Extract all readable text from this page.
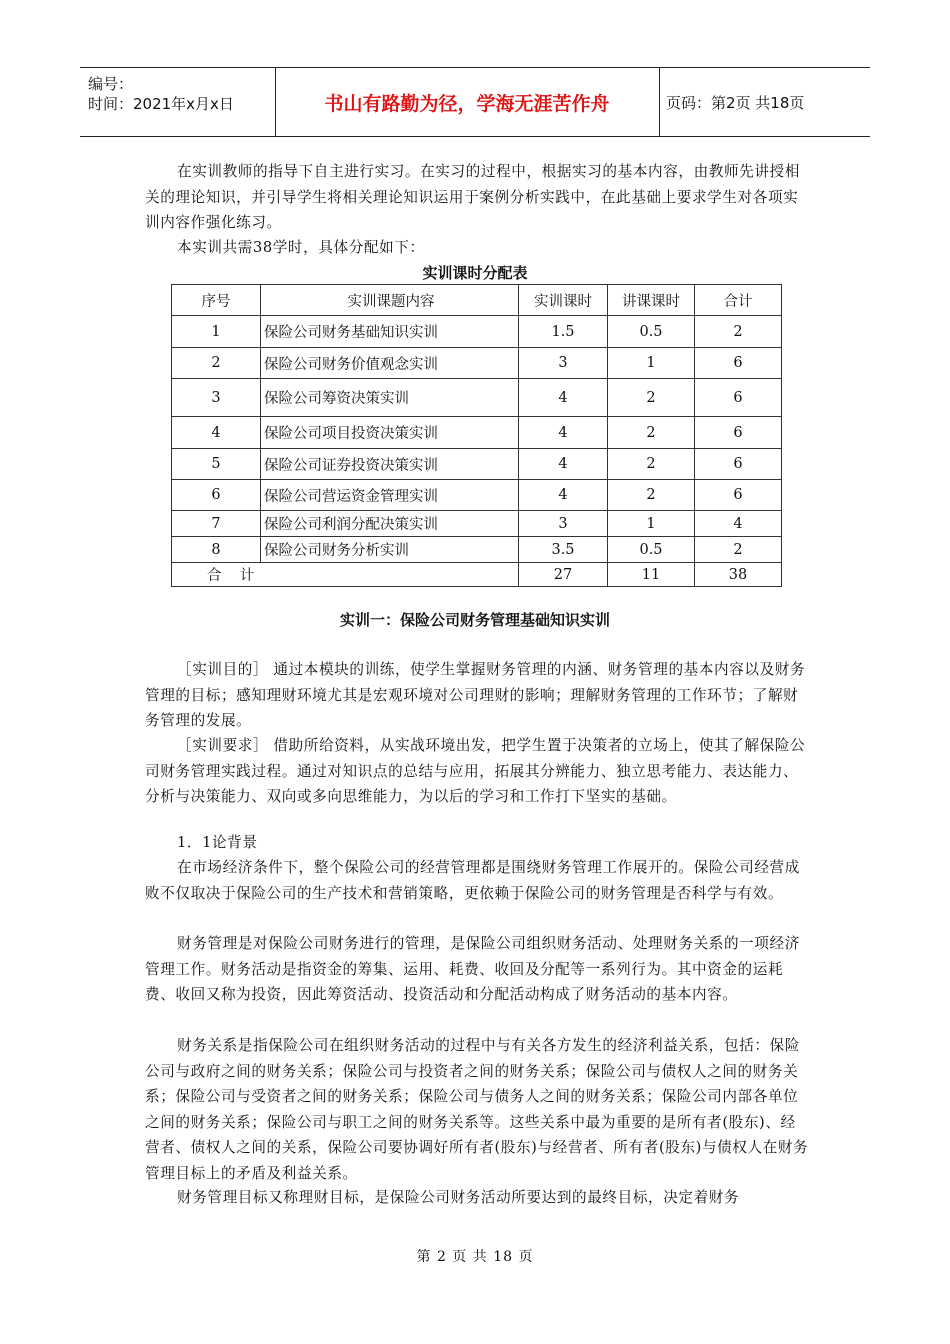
编号：
时间：2021年x月x日	书山有路勤为径，学海无涯苦作舟	页码：第2页 共18页
在实训教师的指导下自主进行实习。在实习的过程中，根据实习的基本内容，由教师先讲授相关的理论知识，并引导学生将相关理论知识运用于案例分析实践中，在此基础上要求学生对各项实训内容作强化练习。
本实训共需38学时，具体分配如下：
实训课时分配表
序号	实训课题内容	实训课时	讲课课时	合计
1	保险公司财务基础知识实训	1.5	0.5	2
2	保险公司财务价值观念实训	3	1	6
3	保险公司筹资决策实训	4	2	6
4	保险公司项目投资决策实训	4	2	6
5	保险公司证券投资决策实训	4	2	6
6	保险公司营运资金管理实训	4	2	6
7	保险公司利润分配决策实训	3	1	4
8	保险公司财务分析实训	3.5	0.5	2
合    计		27	11	38
实训一：保险公司财务管理基础知识实训
［实训目的］ 通过本模块的训练，使学生掌握财务管理的内涵、财务管理的基本内容以及财务管理的目标；感知理财环境尤其是宏观环境对公司理财的影响；理解财务管理的工作环节；了解财务管理的发展。
［实训要求］ 借助所给资料，从实战环境出发，把学生置于决策者的立场上，使其了解保险公司财务管理实践过程。通过对知识点的总结与应用，拓展其分辨能力、独立思考能力、表达能力、分析与决策能力、双向或多向思维能力，为以后的学习和工作打下坚实的基础。
1．1论背景
在市场经济条件下，整个保险公司的经营管理都是围绕财务管理工作展开的。保险公司经营成败不仅取决于保险公司的生产技术和营销策略，更依赖于保险公司的财务管理是否科学与有效。
财务管理是对保险公司财务进行的管理，是保险公司组织财务活动、处理财务关系的一项经济管理工作。财务活动是指资金的筹集、运用、耗费、收回及分配等一系列行为。其中资金的运耗费、收回又称为投资，因此筹资活动、投资活动和分配活动构成了财务活动的基本内容。
财务关系是指保险公司在组织财务活动的过程中与有关各方发生的经济利益关系，包括：保险公司与政府之间的财务关系；保险公司与投资者之间的财务关系；保险公司与债权人之间的财务关系；保险公司与受资者之间的财务关系；保险公司与债务人之间的财务关系；保险公司内部各单位之间的财务关系；保险公司与职工之间的财务关系等。这些关系中最为重要的是所有者(股东)、经营者、债权人之间的关系，保险公司要协调好所有者(股东)与经营者、所有者(股东)与债权人在财务管理目标上的矛盾及利益关系。
财务管理目标又称理财目标，是保险公司财务活动所要达到的最终目标，决定着财务
第 2 页 共 18 页
